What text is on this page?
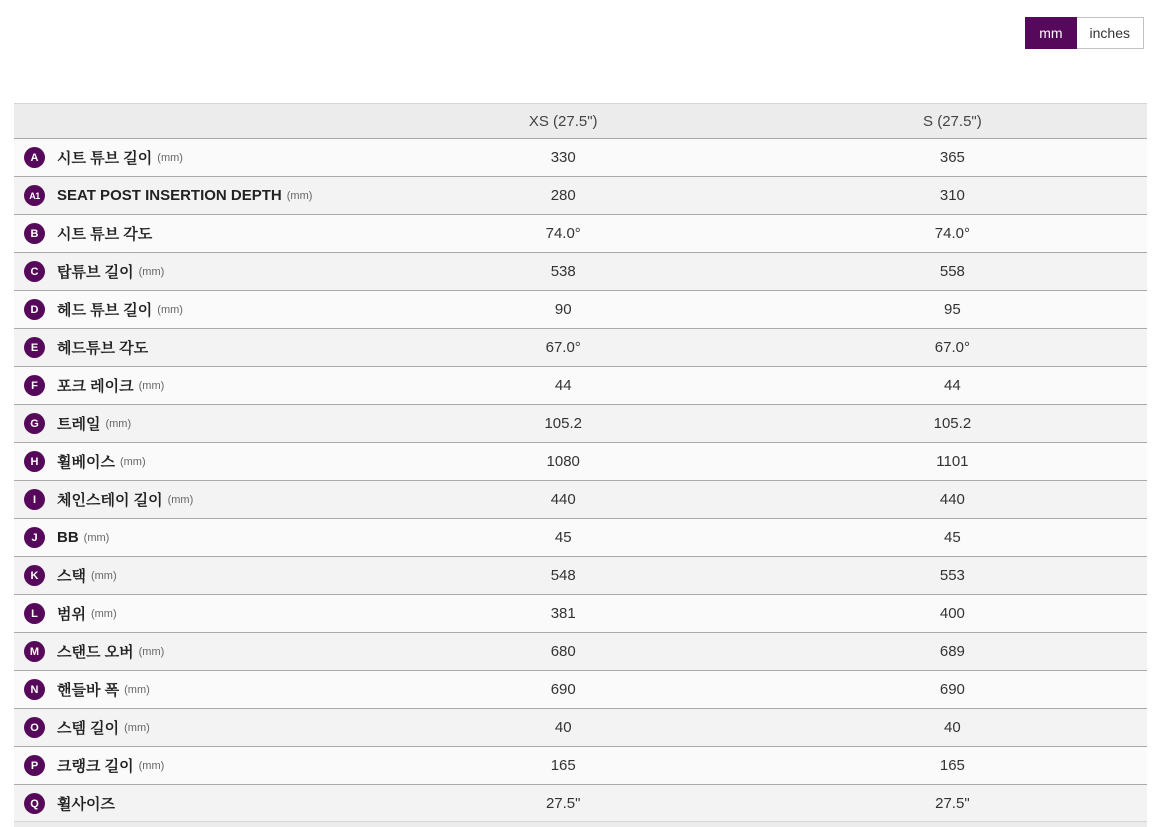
mm	inches
	XS (27.5")	S (27.5")
A 시트 튜브 길이 (mm)	330	365
A1 SEAT POST INSERTION DEPTH (mm)	280	310
B 시트 튜브 각도	74.0°	74.0°
C 탑튜브 길이 (mm)	538	558
D 헤드 튜브 길이 (mm)	90	95
E 헤드튜브 각도	67.0°	67.0°
F 포크 레이크 (mm)	44	44
G 트레일 (mm)	105.2	105.2
H 휠베이스 (mm)	1080	1101
I 체인스테이 길이 (mm)	440	440
J BB (mm)	45	45
K 스택 (mm)	548	553
L 범위 (mm)	381	400
M 스탠드 오버 (mm)	680	689
N 핸들바 폭 (mm)	690	690
O 스템 길이 (mm)	40	40
P 크랭크 길이 (mm)	165	165
Q 휠사이즈	27.5"	27.5"
